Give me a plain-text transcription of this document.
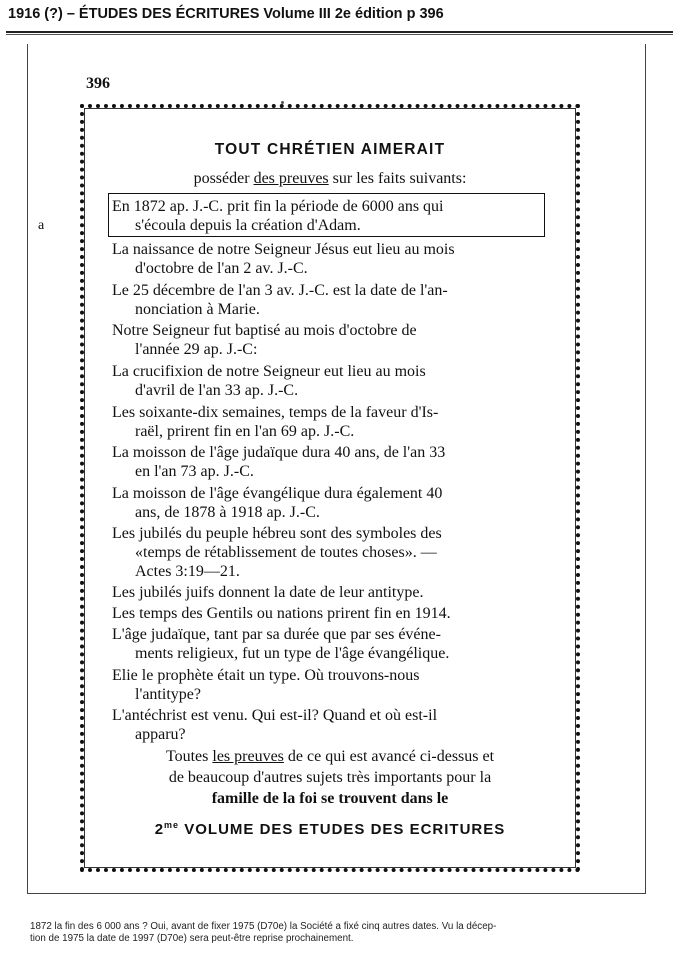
1916 (?) – ÉTUDES DES ÉCRITURES Volume III 2e édition p 396
396
a
TOUT CHRÉTIEN AIMERAIT
posséder des preuves sur les faits suivants:
En 1872 ap. J.-C. prit fin la période de 6000 ans qui
s'écoula depuis la création d'Adam.
La naissance de notre Seigneur Jésus eut lieu au mois
d'octobre de l'an 2 av. J.-C.
Le 25 décembre de l'an 3 av. J.-C. est la date de l'an-
nonciation à Marie.
Notre Seigneur fut baptisé au mois d'octobre de
l'année 29 ap. J.-C:
La crucifixion de notre Seigneur eut lieu au mois
d'avril de l'an 33 ap. J.-C.
Les soixante-dix semaines, temps de la faveur d'Is-
raël, prirent fin en l'an 69 ap. J.-C.
La moisson de l'âge judaïque dura 40 ans, de l'an 33
en l'an 73 ap. J.-C.
La moisson de l'âge évangélique dura également 40
ans, de 1878 à 1918 ap. J.-C.
Les jubilés du peuple hébreu sont des symboles des
«temps de rétablissement de toutes choses». —
Actes 3:19—21.
Les jubilés juifs donnent la date de leur antitype.
Les temps des Gentils ou nations prirent fin en 1914.
L'âge judaïque, tant par sa durée que par ses événe-
ments religieux, fut un type de l'âge évangélique.
Elie le prophète était un type. Où trouvons-nous
l'antitype?
L'antéchrist est venu. Qui est-il? Quand et où est-il
apparu?
Toutes les preuves de ce qui est avancé ci-dessus et
de beaucoup d'autres sujets très importants pour la
famille de la foi se trouvent dans le
$2^{me}$ VOLUME DES ETUDES DES ECRITURES
1872 la fin des 6 000 ans ? Oui, avant de fixer 1975 (D70e) la Société a fixé cinq autres dates. Vu la décep-
tion de 1975 la date de 1997 (D70e) sera peut-être reprise prochainement.
